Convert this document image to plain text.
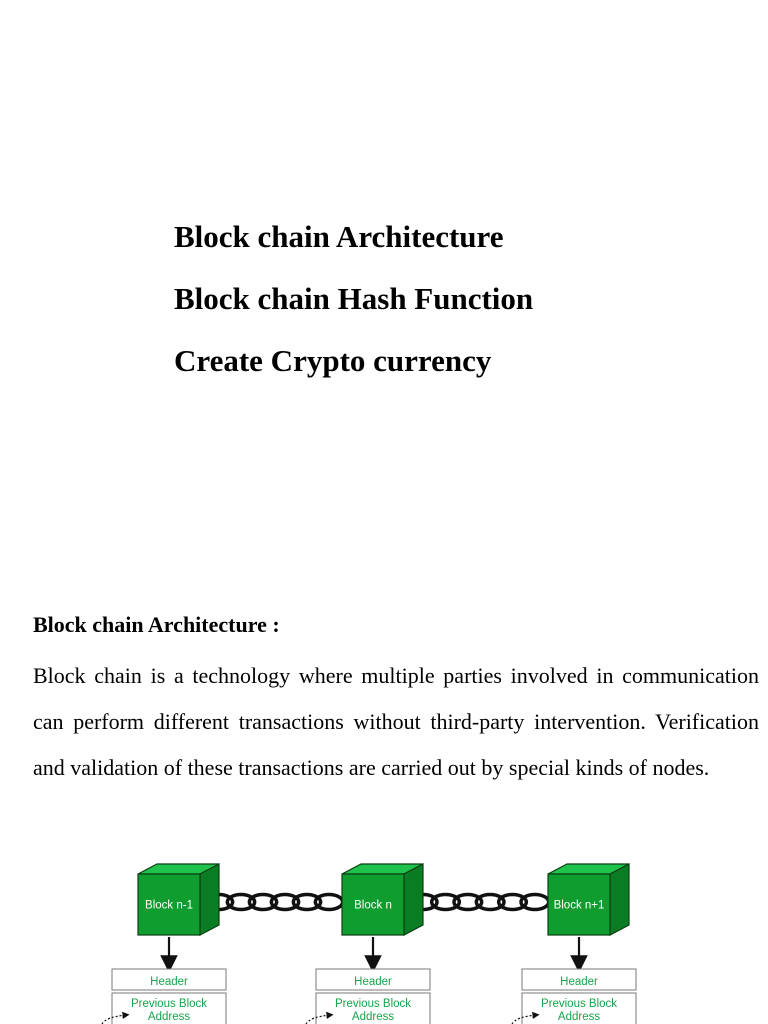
Block chain Architecture
Block chain Hash Function
Create Crypto currency
Block chain Architecture :

Block chain is a technology where multiple parties involved in communication can perform different transactions without third-party intervention. Verification and validation of these transactions are carried out by special kinds of nodes.

Block n-1
Header
Previous Block
Address
Block n
Header
Previous Block
Address
Block n+1
Header
Previous Block
Address
